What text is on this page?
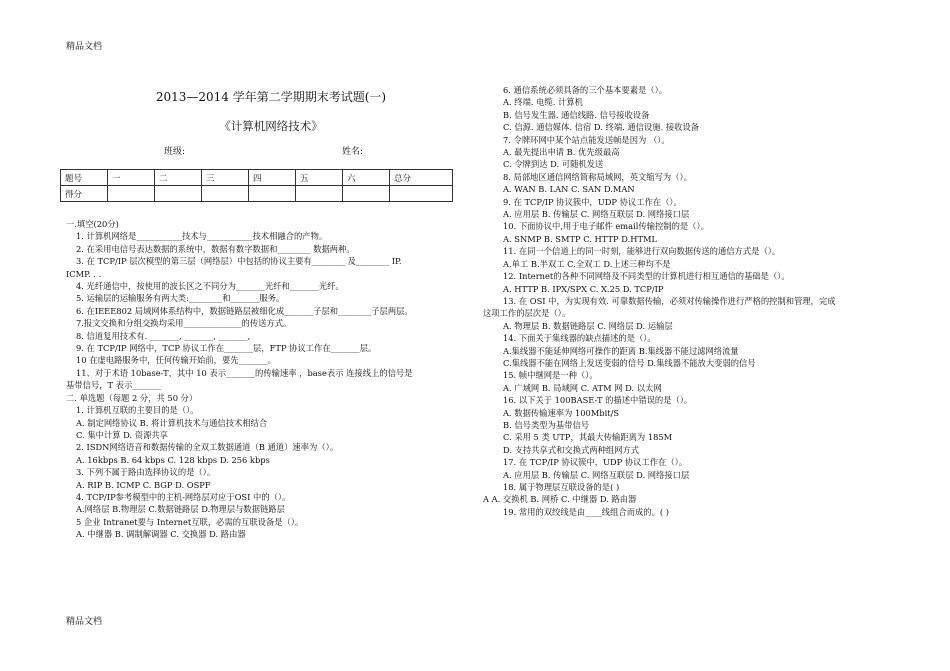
精品文档
2013—2014 学年第二学期期末考试题(一)
《计算机网络技术》
班级:	姓名:
题号	一	二	三	四	五	六	总分
得分							
一.填空(20分)
1. 计算机网络是___________技术与___________技术相融合的产物。
2. 在采用电信号表达数据的系统中，数据有数字数据和________ 数据两种。
3. 在 TCP/IP 层次模型的第三层（网络层）中包括的协议主要有________ 及________ IP.
ICMP. . .
4. 光纤通信中，按使用的波长区之不同分为_______光纤和_______光纤。
5. 运输层的运输服务有两大类:________和_______服务。
6. 在IEEE802 局域网体系结构中，数据链路层被细化成_______子层和________子层两层。
7.报文交换和分组交换均采用______________的传送方式。
8. 信道复用技术有. _______, _______, _______,
9. 在 TCP/IP 网络中，TCP 协议工作在_______层，FTP 协议工作在_______层。
10 在虚电路服务中，任何传输开始前，要先_______。
11、对于术语 10base-T，其中 10 表示_______的传输速率 ，base表示 连接线上的信号是
基带信号，T 表示_______
二. 单选题（每题 2 分，共 50 分）
1. 计算机互联的主要目的是（）。
A. 制定网络协议 B. 将计算机技术与通信技术相结合
C. 集中计算 D. 资源共享
2. ISDN网络语音和数据传输的全双工数据通道（B 通道）速率为（）。
A. 16kbps B. 64 kbps C. 128 kbps D. 256 kbps
3. 下列不属于路由选择协议的是（）。
A. RIP B. ICMP C. BGP D. OSPF
4. TCP/IP参考模型中的主机-网络层对应于OSI 中的（）。
A.网络层 B.物理层 C.数据链路层 D.物理层与数据链路层
5 企业 Intranet要与 Internet互联，必需的互联设备是（）。
A. 中继器 B. 调制解调器 C. 交换器 D. 路由器
6. 通信系统必须具备的三个基本要素是（）。
A. 终端. 电缆. 计算机
B. 信号发生器. 通信线路. 信号接收设备
C. 信源. 通信媒体. 信宿 D. 终端. 通信设施. 接收设备
7. 令牌环网中某个站点能发送帧是因为 （）。
A. 最先提出申请 B. 优先级最高
C. 令牌到达 D. 可随机发送
8. 局部地区通信网络简称局域网，英文缩写为（）。
A. WAN B. LAN C. SAN D.MAN
9. 在 TCP/IP 协议簇中，UDP 协议工作在（）。
A. 应用层 B. 传输层 C. 网络互联层 D. 网络接口层
10. 下面协议中,用于电子邮件 email传输控制的是（）。
A. SNMP B. SMTP C. HTTP D.HTML
11. 在同一个信道上的同一时刻，能够进行双向数据传送的通信方式是（）。
A.单工 B.半双工 C.全双工 D.上述三种均不是
12. Internet的各种不同网络及不同类型的计算机进行相互通信的基础是（）。
A. HTTP B. IPX/SPX C. X.25 D. TCP/IP
13. 在 OSI 中，为实现有效. 可靠数据传输，必须对传输操作进行严格的控制和管理，完成
这项工作的层次是（）。
A. 物理层 B. 数据链路层 C. 网络层 D. 运输层
14. 下面关于集线器的缺点描述的是（）。
A.集线器不能延伸网络可操作的距离 B.集线器不能过滤网络流量
C.集线器不能在网络上发送变弱的信号 D.集线器不能放大变弱的信号
15. 帧中继网是一种（）。
A. 广域网 B. 局域网 C. ATM 网 D. 以太网
16. 以下关于 100BASE-T 的描述中错误的是（）。
A. 数据传输速率为 100Mbit/S
B. 信号类型为基带信号
C. 采用 5 类 UTP，其最大传输距离为 185M
D. 支持共享式和交换式两种组网方式
17. 在 TCP/IP 协议簇中，UDP 协议工作在（）。
A. 应用层 B. 传输层 C. 网络互联层 D. 网络接口层
18. 属于物理层互联设备的是( )
A A. 交换机 B. 网桥 C. 中继器 D. 路由器
19. 常用的双绞线是由____线组合而成的。( )
精品文档
